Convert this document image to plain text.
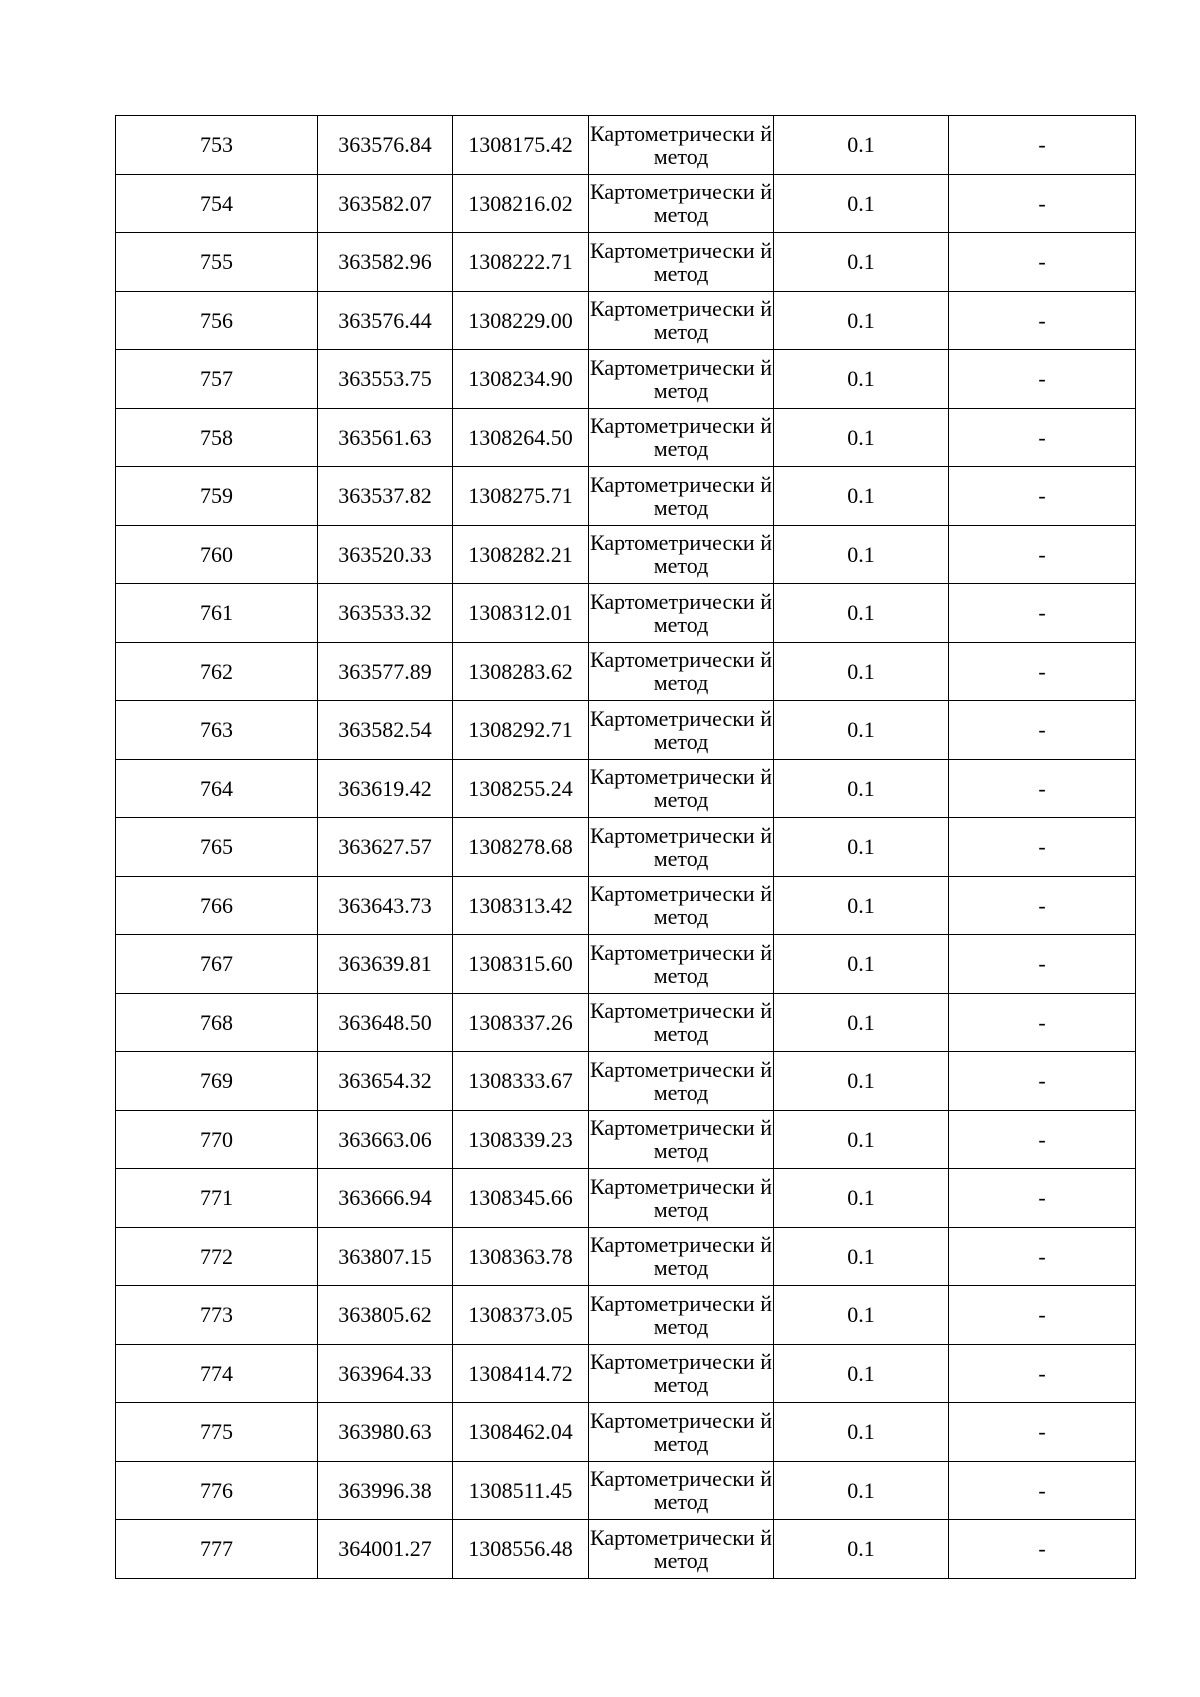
753	363576.84	1308175.42	Картометрически й метод	0.1	-
754	363582.07	1308216.02	Картометрически й метод	0.1	-
755	363582.96	1308222.71	Картометрически й метод	0.1	-
756	363576.44	1308229.00	Картометрически й метод	0.1	-
757	363553.75	1308234.90	Картометрически й метод	0.1	-
758	363561.63	1308264.50	Картометрически й метод	0.1	-
759	363537.82	1308275.71	Картометрически й метод	0.1	-
760	363520.33	1308282.21	Картометрически й метод	0.1	-
761	363533.32	1308312.01	Картометрически й метод	0.1	-
762	363577.89	1308283.62	Картометрически й метод	0.1	-
763	363582.54	1308292.71	Картометрически й метод	0.1	-
764	363619.42	1308255.24	Картометрически й метод	0.1	-
765	363627.57	1308278.68	Картометрически й метод	0.1	-
766	363643.73	1308313.42	Картометрически й метод	0.1	-
767	363639.81	1308315.60	Картометрически й метод	0.1	-
768	363648.50	1308337.26	Картометрически й метод	0.1	-
769	363654.32	1308333.67	Картометрически й метод	0.1	-
770	363663.06	1308339.23	Картометрически й метод	0.1	-
771	363666.94	1308345.66	Картометрически й метод	0.1	-
772	363807.15	1308363.78	Картометрически й метод	0.1	-
773	363805.62	1308373.05	Картометрически й метод	0.1	-
774	363964.33	1308414.72	Картометрически й метод	0.1	-
775	363980.63	1308462.04	Картометрически й метод	0.1	-
776	363996.38	1308511.45	Картометрически й метод	0.1	-
777	364001.27	1308556.48	Картометрически й метод	0.1	-
